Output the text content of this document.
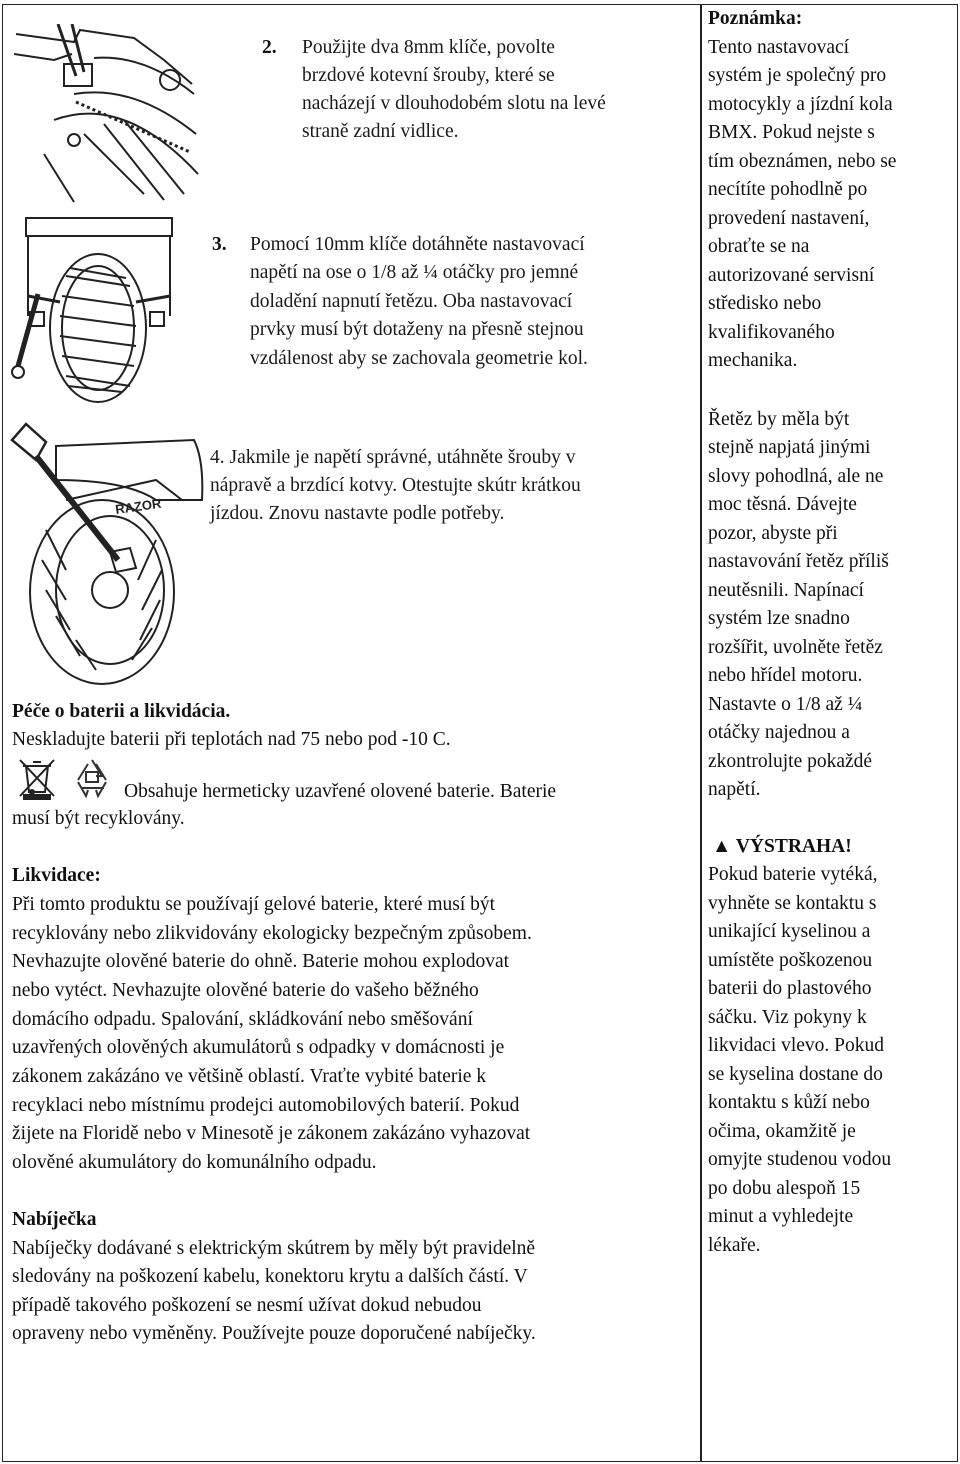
RAZOR
2. Použijte dva 8mm klíče, povolte
brzdové kotevní šrouby, které se
nacházejí v dlouhodobém slotu na levé
straně zadní vidlice.
3. Pomocí 10mm klíče dotáhněte nastavovací
napětí na ose o 1/8 až ¼ otáčky pro jemné
doladění napnutí řetězu. Oba nastavovací
prvky musí být dotaženy na přesně stejnou
vzdálenost aby se zachovala geometrie kol.
4. Jakmile je napětí správné, utáhněte šrouby v
nápravě a brzdící kotvy. Otestujte skútr krátkou
jízdou. Znovu nastavte podle potřeby.
Péče o baterii a likvidácia.
Neskladujte baterii při teplotách nad 75 nebo pod -10 C.
Obsahuje hermeticky uzavřené olovené baterie. Baterie
musí být recyklovány.
Likvidace:
Při tomto produktu se používají gelové baterie, které musí být
recyklovány nebo zlikvidovány ekologicky bezpečným způsobem.
Nevhazujte olověné baterie do ohně. Baterie mohou explodovat
nebo vytéct. Nevhazujte olověné baterie do vašeho běžného
domácího odpadu. Spalování, skládkování nebo směšování
uzavřených olověných akumulátorů s odpadky v domácnosti je
zákonem zakázáno ve většině oblastí. Vraťte vybité baterie k
recyklaci nebo místnímu prodejci automobilových baterií. Pokud
žijete na Floridě nebo v Minesotě je zákonem zakázáno vyhazovat
olověné akumulátory do komunálního odpadu.
Nabíječka
Nabíječky dodávané s elektrickým skútrem by měly být pravidelně
sledovány na poškození kabelu, konektoru krytu a dalších částí. V
případě takového poškození se nesmí užívat dokud nebudou
opraveny nebo vyměněny. Používejte pouze doporučené nabíječky.
Poznámka:
Tento nastavovací
systém je společný pro
motocykly a jízdní kola
BMX. Pokud nejste s
tím obeznámen, nebo se
necítíte pohodlně po
provedení nastavení,
obraťte se na
autorizované servisní
středisko nebo
kvalifikovaného
mechanika.
Řetěz by měla být
stejně napjatá jinými
slovy pohodlná, ale ne
moc těsná. Dávejte
pozor, abyste při
nastavování řetěz příliš
neutěsnili. Napínací
systém lze snadno
rozšířit, uvolněte řetěz
nebo hřídel motoru.
Nastavte o 1/8 až ¼
otáčky najednou a
zkontrolujte pokaždé
napětí.
▲ VÝSTRAHA!
Pokud baterie vytéká,
vyhněte se kontaktu s
unikající kyselinou a
umístěte poškozenou
baterii do plastového
sáčku. Viz pokyny k
likvidaci vlevo. Pokud
se kyselina dostane do
kontaktu s kůží nebo
očima, okamžitě je
omyjte studenou vodou
po dobu alespoň 15
minut a vyhledejte
lékaře.
